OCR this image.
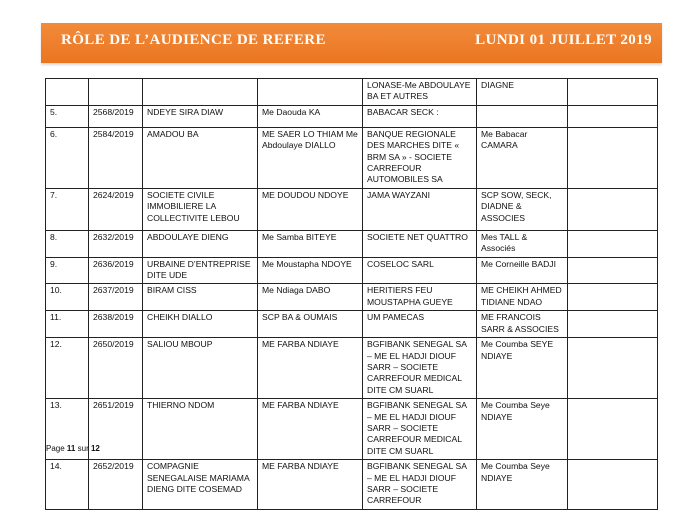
RÔLE DE L’AUDIENCE DE REFERE	LUNDI 01 JUILLET 2019
				LONASE-Me ABDOULAYE BA ET AUTRES	DIAGNE	
5.	2568/2019	NDEYE SIRA DIAW	Me Daouda KA	BABACAR SECK :		
6.	2584/2019	AMADOU BA	ME SAER LO THIAM Me Abdoulaye DIALLO	BANQUE REGIONALE DES MARCHES DITE « BRM SA » - SOCIETE CARREFOUR AUTOMOBILES SA	Me Babacar CAMARA	
7.	2624/2019	SOCIETE CIVILE IMMOBILIERE LA COLLECTIVITE LEBOU	ME DOUDOU NDOYE	JAMA WAYZANI	SCP SOW, SECK, DIADNE & ASSOCIES	
8.	2632/2019	ABDOULAYE DIENG	Me Samba BITEYE	SOCIETE NET QUATTRO	Mes TALL & Associés	
9.	2636/2019	URBAINE D’ENTREPRISE DITE UDE	Me Moustapha NDOYE	COSELOC SARL	Me Corneille BADJI	
10.	2637/2019	BIRAM CISS	Me Ndiaga DABO	HERITIERS FEU MOUSTAPHA GUEYE	ME CHEIKH AHMED TIDIANE NDAO	
11.	2638/2019	CHEIKH DIALLO	SCP BA & OUMAIS	UM PAMECAS	ME FRANCOIS SARR & ASSOCIES	
12.	2650/2019	SALIOU MBOUP	ME FARBA NDIAYE	BGFIBANK SENEGAL SA – ME EL HADJI DIOUF SARR – SOCIETE CARREFOUR MEDICAL DITE CM SUARL	Me Coumba SEYE NDIAYE	
13.	2651/2019	THIERNO NDOM	ME FARBA NDIAYE	BGFIBANK SENEGAL SA – ME EL HADJI DIOUF SARR – SOCIETE CARREFOUR MEDICAL DITE CM SUARL	Me Coumba Seye NDIAYE	
14.	2652/2019	COMPAGNIE SENEGALAISE MARIAMA DIENG DITE COSEMAD	ME FARBA NDIAYE	BGFIBANK SENEGAL SA – ME EL HADJI DIOUF SARR – SOCIETE CARREFOUR	Me Coumba Seye NDIAYE	
Page 11 sur 12
